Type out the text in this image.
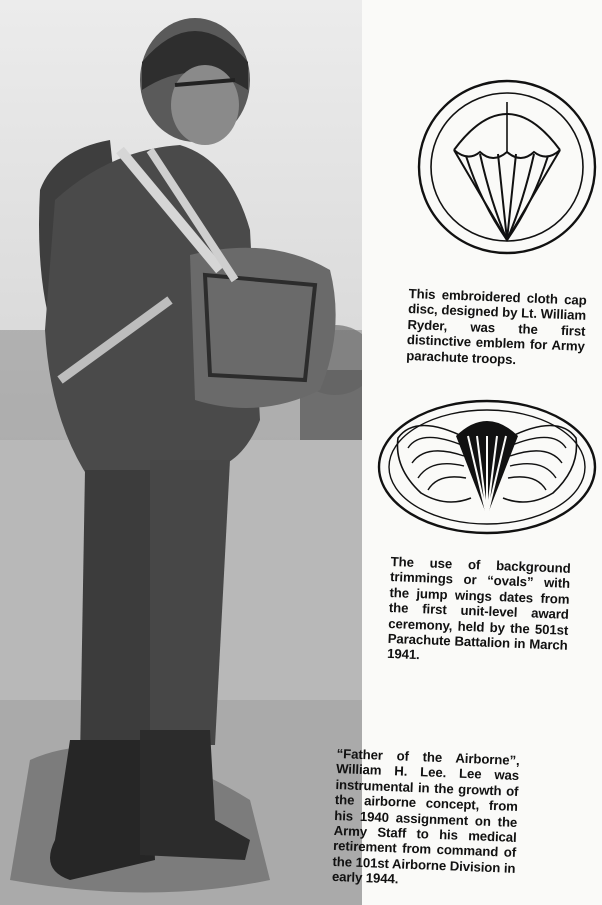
This embroidered cloth cap disc, designed by Lt. William Ryder, was the first distinctive emblem for Army parachute troops.
The use of background trimmings or “ovals” with the jump wings dates from the first unit-level award ceremony, held by the 501st Parachute Battalion in March 1941.
“Father of the Airborne”, William H. Lee. Lee was instrumental in the growth of the airborne concept, from his 1940 assignment on the Army Staff to his medical retirement from command of the 101st Airborne Division in early 1944.
